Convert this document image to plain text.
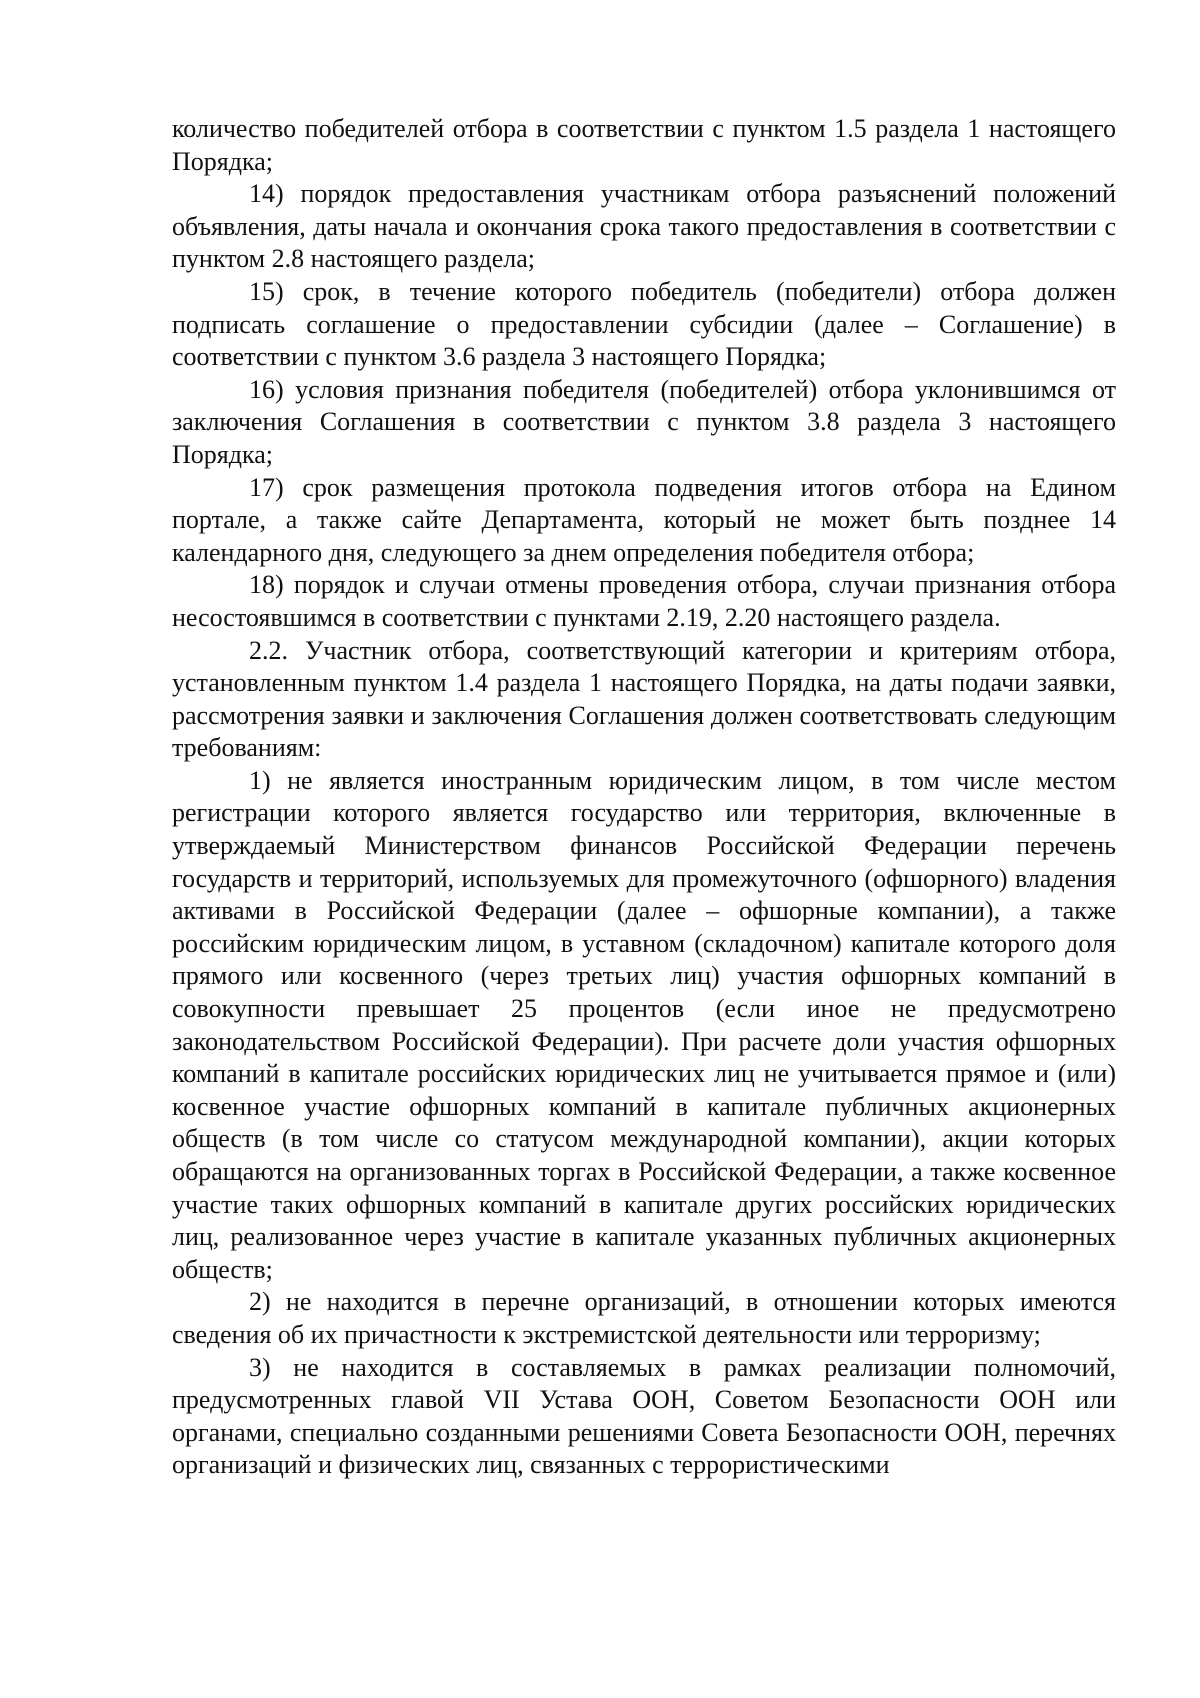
количество победителей отбора в соответствии с пунктом 1.5 раздела 1 настоящего Порядка;

14) порядок предоставления участникам отбора разъяснений положений объявления, даты начала и окончания срока такого предоставления в соответствии с пунктом 2.8 настоящего раздела;

15) срок, в течение которого победитель (победители) отбора должен подписать соглашение о предоставлении субсидии (далее – Соглашение) в соответствии с пунктом 3.6 раздела 3 настоящего Порядка;

16) условия признания победителя (победителей) отбора уклонившимся от заключения Соглашения в соответствии с пунктом 3.8 раздела 3 настоящего Порядка;

17) срок размещения протокола подведения итогов отбора на Едином портале, а также сайте Департамента, который не может быть позднее 14 календарного дня, следующего за днем определения победителя отбора;

18) порядок и случаи отмены проведения отбора, случаи признания отбора несостоявшимся в соответствии с пунктами 2.19, 2.20 настоящего раздела.

2.2. Участник отбора, соответствующий категории и критериям отбора, установленным пунктом 1.4 раздела 1 настоящего Порядка, на даты подачи заявки, рассмотрения заявки и заключения Соглашения должен соответствовать следующим требованиям:

1) не является иностранным юридическим лицом, в том числе местом регистрации которого является государство или территория, включенные в утверждаемый Министерством финансов Российской Федерации перечень государств и территорий, используемых для промежуточного (офшорного) владения активами в Российской Федерации (далее – офшорные компании), а также российским юридическим лицом, в уставном (складочном) капитале которого доля прямого или косвенного (через третьих лиц) участия офшорных компаний в совокупности превышает 25 процентов (если иное не предусмотрено законодательством Российской Федерации). При расчете доли участия офшорных компаний в капитале российских юридических лиц не учитывается прямое и (или) косвенное участие офшорных компаний в капитале публичных акционерных обществ (в том числе со статусом международной компании), акции которых обращаются на организованных торгах в Российской Федерации, а также косвенное участие таких офшорных компаний в капитале других российских юридических лиц, реализованное через участие в капитале указанных публичных акционерных обществ;

2) не находится в перечне организаций, в отношении которых имеются сведения об их причастности к экстремистской деятельности или терроризму;

3) не находится в составляемых в рамках реализации полномочий, предусмотренных главой VII Устава ООН, Советом Безопасности ООН или органами, специально созданными решениями Совета Безопасности ООН, перечнях организаций и физических лиц, связанных с террористическими
